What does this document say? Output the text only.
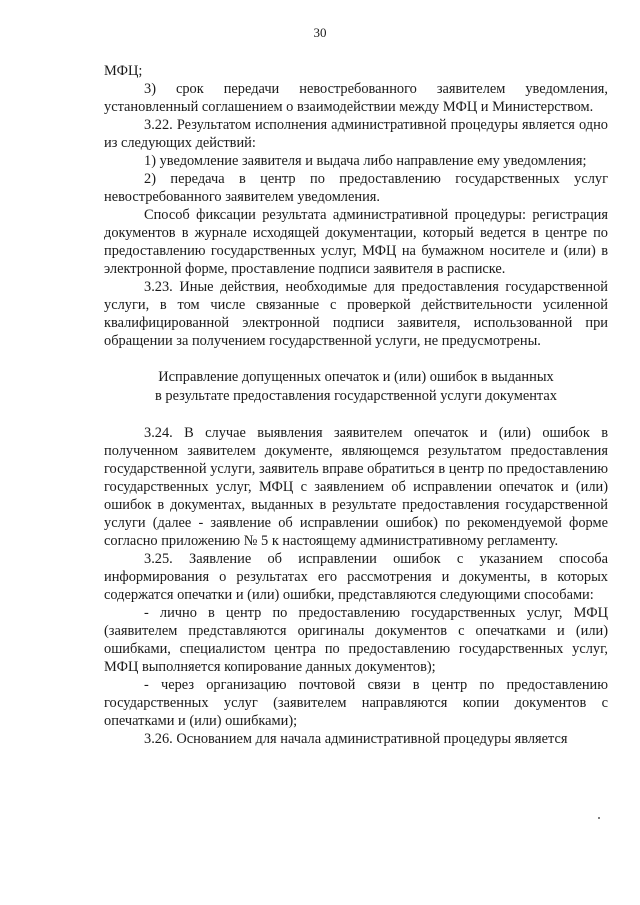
30

МФЦ;

3) срок передачи невостребованного заявителем уведомления, установленный соглашением о взаимодействии между МФЦ и Министерством.

3.22. Результатом исполнения административной процедуры является одно из следующих действий:

1) уведомление заявителя и выдача либо направление ему уведомления;

2) передача в центр по предоставлению государственных услуг невостребованного заявителем уведомления.

Способ фиксации результата административной процедуры: регистрация документов в журнале исходящей документации, который ведется в центре по предоставлению государственных услуг, МФЦ на бумажном носителе и (или) в электронной форме, проставление подписи заявителя в расписке.

3.23. Иные действия, необходимые для предоставления государственной услуги, в том числе связанные с проверкой действительности усиленной квалифицированной электронной подписи заявителя, использованной при обращении за получением государственной услуги, не предусмотрены.

Исправление допущенных опечаток и (или) ошибок в выданных

в результате предоставления государственной услуги документах

3.24. В случае выявления заявителем опечаток и (или) ошибок в полученном заявителем документе, являющемся результатом предоставления государственной услуги, заявитель вправе обратиться в центр по предоставлению государственных услуг, МФЦ с заявлением об исправлении опечаток и (или) ошибок в документах, выданных в результате предоставления государственной услуги (далее - заявление об исправлении ошибок) по рекомендуемой форме согласно приложению № 5 к настоящему административному регламенту.

3.25. Заявление об исправлении ошибок с указанием способа информирования о результатах его рассмотрения и документы, в которых содержатся опечатки и (или) ошибки, представляются следующими способами:

- лично в центр по предоставлению государственных услуг, МФЦ (заявителем представляются оригиналы документов с опечатками и (или) ошибками, специалистом центра по предоставлению государственных услуг, МФЦ выполняется копирование данных документов);

- через организацию почтовой связи в центр по предоставлению государственных услуг (заявителем направляются копии документов с опечатками и (или) ошибками);

3.26. Основанием для начала административной процедуры является
